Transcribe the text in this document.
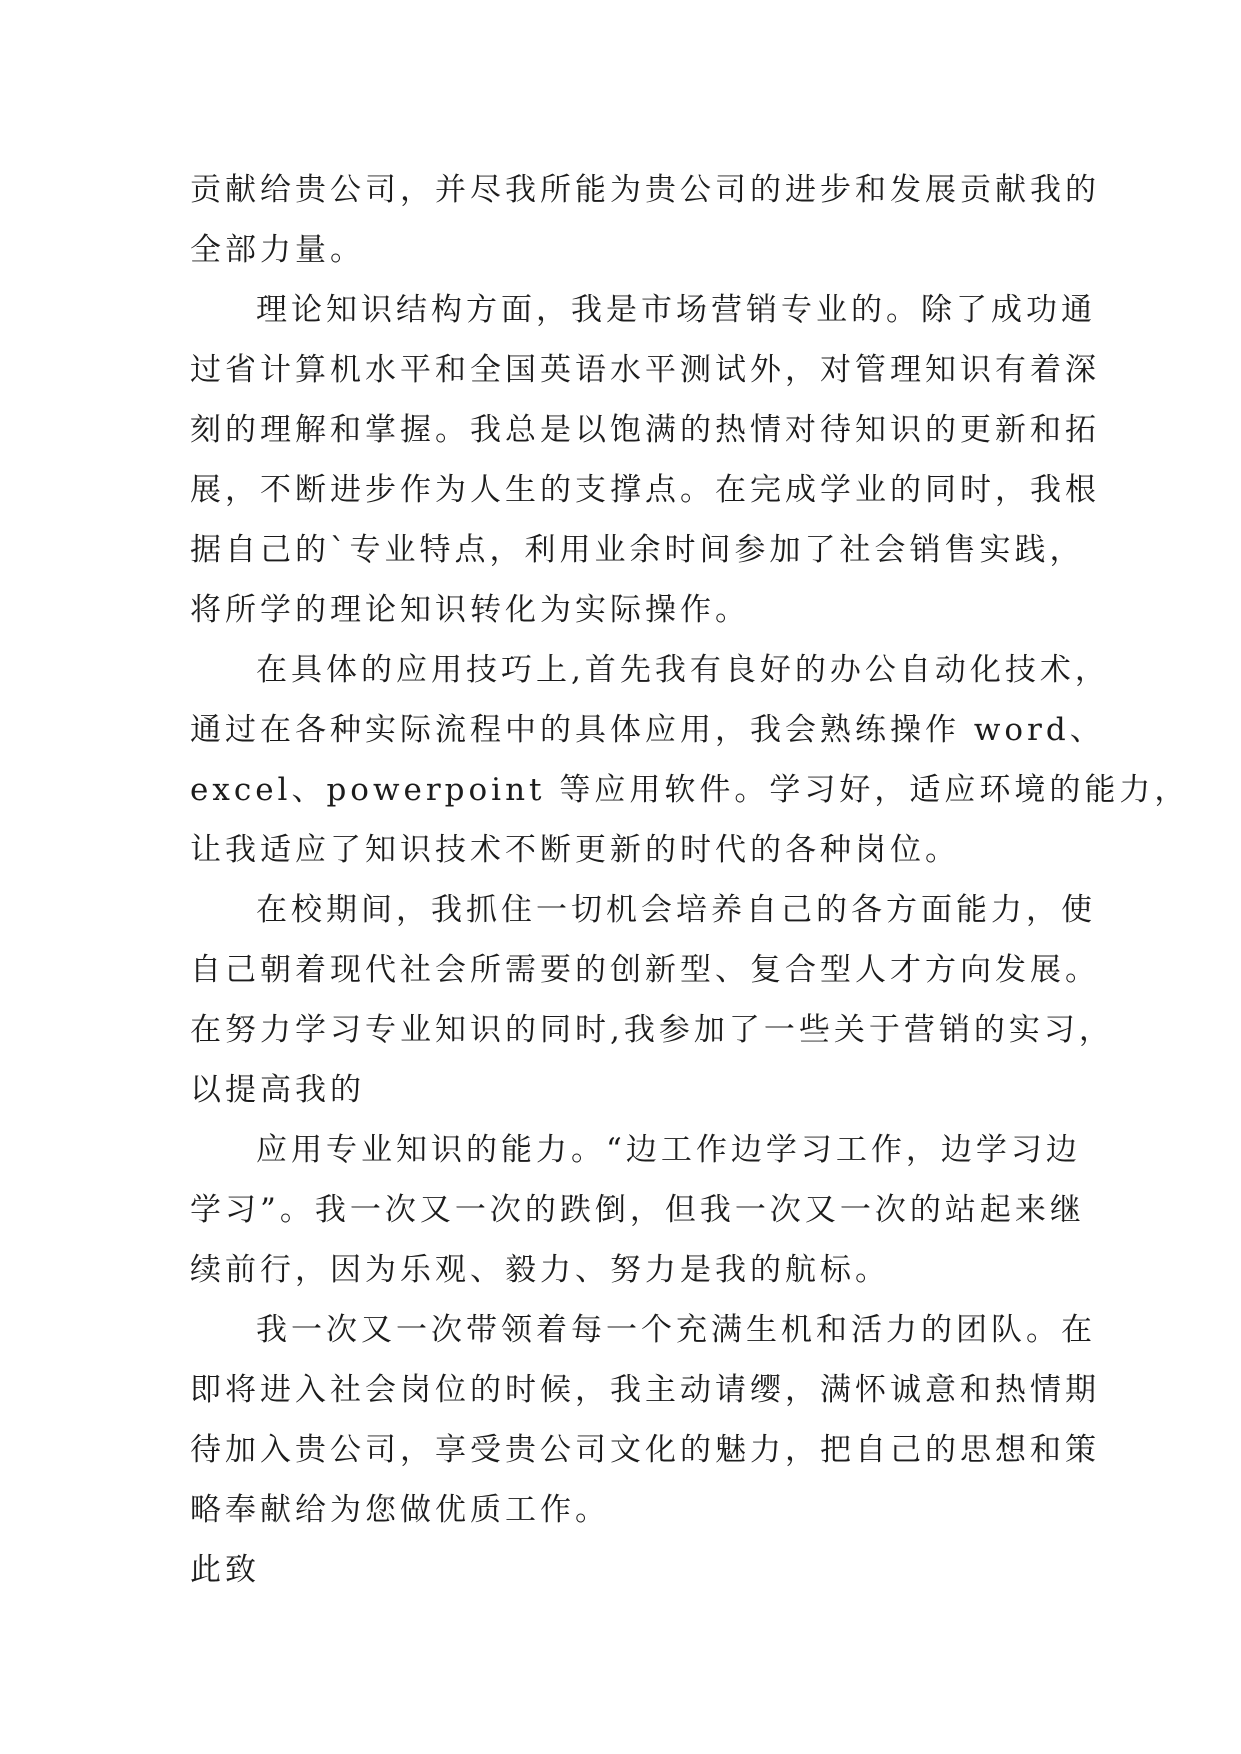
贡献给贵公司，并尽我所能为贵公司的进步和发展贡献我的
全部力量。
理论知识结构方面，我是市场营销专业的。除了成功通
过省计算机水平和全国英语水平测试外，对管理知识有着深
刻的理解和掌握。我总是以饱满的热情对待知识的更新和拓
展，不断进步作为人生的支撑点。在完成学业的同时，我根
据自己的`专业特点，利用业余时间参加了社会销售实践，
将所学的理论知识转化为实际操作。
在具体的应用技巧上,首先我有良好的办公自动化技术，
通过在各种实际流程中的具体应用，我会熟练操作 word、
excel、powerpoint 等应用软件。学习好，适应环境的能力，
让我适应了知识技术不断更新的时代的各种岗位。
在校期间，我抓住一切机会培养自己的各方面能力，使
自己朝着现代社会所需要的创新型、复合型人才方向发展。
在努力学习专业知识的同时,我参加了一些关于营销的实习，
以提高我的
应用专业知识的能力。“边工作边学习工作，边学习边
学习”。我一次又一次的跌倒，但我一次又一次的站起来继
续前行，因为乐观、毅力、努力是我的航标。
我一次又一次带领着每一个充满生机和活力的团队。在
即将进入社会岗位的时候，我主动请缨，满怀诚意和热情期
待加入贵公司，享受贵公司文化的魅力，把自己的思想和策
略奉献给为您做优质工作。
此致
